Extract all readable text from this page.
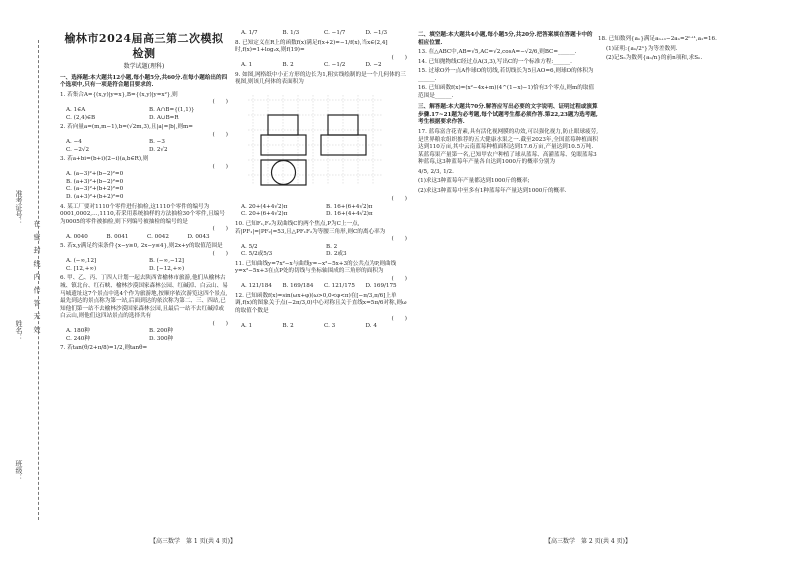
准考证号：
在 密 封 线 内 作 答 无 效
姓名：
班级：
榆林市2024届高三第二次模拟检测
数学试题(理科)
一、选择题:本大题共12小题,每小题5分,共60分.在每小题给出的四个选项中,只有一项是符合题目要求的.
1. 若集合A={(x,y)|y=x},B={(x,y)|y=x²},则
(　　)
A. 1∈A	B. A∩B={(1,1)}
C. (2,4)∈B	D. A∪B=R
2. 若向量a=(m,m−1),b=(√2m,3),且|a|=|b|,则m=
(　　)
A. −4	B. −3
C. −2√2	D. 2√2
3. 若a+bi=(b+i)(2−i)(a,b∈R),则
(　　)
A. (a−3)²+(b−2)²=0
B. (a+3)²+(b−2)²=0
C. (a−3)²+(b+2)²=0
D. (a+3)²+(b+2)²=0
4. 某工厂要对1110个零件进行抽检,这1110个零件的编号为0001,0002,…,1110,若采用系统抽样的方法抽检30个零件,且编号为0005的零件被抽检,则下列编号被抽检的编号的是
(　　)
A. 0040	B. 0041	C. 0042	D. 0043
5. 若x,y满足约束条件{x−y≥0, 2x−y≤4},则2x+y的取值范围是
(　　)
A. (−∞,12]	B. (−∞,−12]
C. [12,+∞)	D. [−12,+∞)
6. 甲、乙、丙、丁四人计划一起去陕西省榆林市旅游,他们从榆林古城、镇北台、红石峡、榆林沙漠国家森林公园、红碱淖、白云山、易马城遗址这7个景点中选4个作为旅游地,按顺序依次游览这四个景点,最先到达的景点称为第一站,后面到达的依次称为第二、三、四站,已知他们第一站不去榆林沙漠国家森林公园,且最后一站不去红碱淖或白云山,则他们这四站景点的选择共有
(　　)
A. 180种	B. 200种
C. 240种	D. 300种
7. 若tan(θ/2+π/8)=1/2,则tanθ=
A. 1/7	B. 1/3	C. −1/7	D. −1/3
8. 已知定义在R上的函数f(x)满足f(x+2)=−1/f(x),当x∈(2,4]时,f(x)=1+log₂x,则f(19)=
(　　)
A. 1	B. 2	C. −1/2	D. −2
9. 如图,网格纸中小正方形的边长为1,粗实线绘制的是一个几何体的三视图,则该几何体的表面积为
(　　)
A. 20+(4+4√2)π	B. 16+(6+4√2)π
C. 20+(6+4√2)π	D. 16+(4+4√2)π
10. 已知F₁,F₂为双曲线C的两个焦点,P为C上一点,若|PF₁|=|PF₂|=53,且△PF₁F₂为等腰三角形,则C的离心率为
(　　)
A. 5/2	B. 2
C. 5/2或5/3	D. 2或3
11. 已知曲线y=7x²−x与曲线y=−x²−5x+3的公共点为P,则曲线y=x²−5x+3在点P处的切线与坐标轴围成的三角形的面积为
(　　)
A. 121/184	B. 169/184	C. 121/175	D. 169/175
12. 已知函数f(x)=sin(ωx+φ)(ω>0,0<φ<π)在[−π/3,π/6]上单调,f(x)的图象关于点(−2π/3,0)中心对称且关于直线x=5π/6对称,则ω的取值个数是
(　　)
A. 1	B. 2	C. 3	D. 4
二、填空题:本大题共4小题,每小题5分,共20分.把答案填在答题卡中的相应位置.
13. 在△ABC中,AB=√5,AC=√2,cosA=−√2/6,则BC=______.
14. 已知抛物线C经过点A(3,3),写出C的一个标准方程:______.
15. 过球O外一点A作球O的切线,若切线长为5且AO=6,则球O的体积为______.
16. 已知函数f(x)=(x²−4x+m)(4^(1−x)−1)恰有3个零点,则m的取值范围是______.
三、解答题:本大题共70分.解答应写出必要的文字说明、证明过程或演算步骤.17~21题为必考题,每个试题考生都必须作答.第22,23题为选考题,考生根据要求作答.
17. 蓝莓富含花青素,具有活化视网膜的功效,可以强化视力,防止眼球疲劳,是世界粮农组织推荐的五大健康水果之一.截至2023年,全国蓝莓种植面积达到110万亩,其中云南蓝莓种植面积达到17.6万亩,产量达到10.5万吨.某蓝莓果产量第一名,已知甲农户种植了球从蓝莓、高灌蓝莓、兔眼蓝莓3种蓝莓,这3种蓝莓年产量各自达到1000斤的概率分别为
4/5, 2/3, 1/2.
(1)求这3种蓝莓年产量都达到1000斤的概率;
(2)求这3种蓝莓中至多有1种蓝莓年产量达到1000斤的概率.
18. 已知数列{aₙ}满足aₙ₊₁−2aₙ=2ⁿ⁺¹,a₁=16.
(1)证明:{aₙ/2ⁿ}为等差数列.
(2)记Sₙ为数列{aₙ/n}的前n项和,求Sₙ.
【高三数学　第 1 页(共 4 页)】	【高三数学　第 2 页(共 4 页)】
